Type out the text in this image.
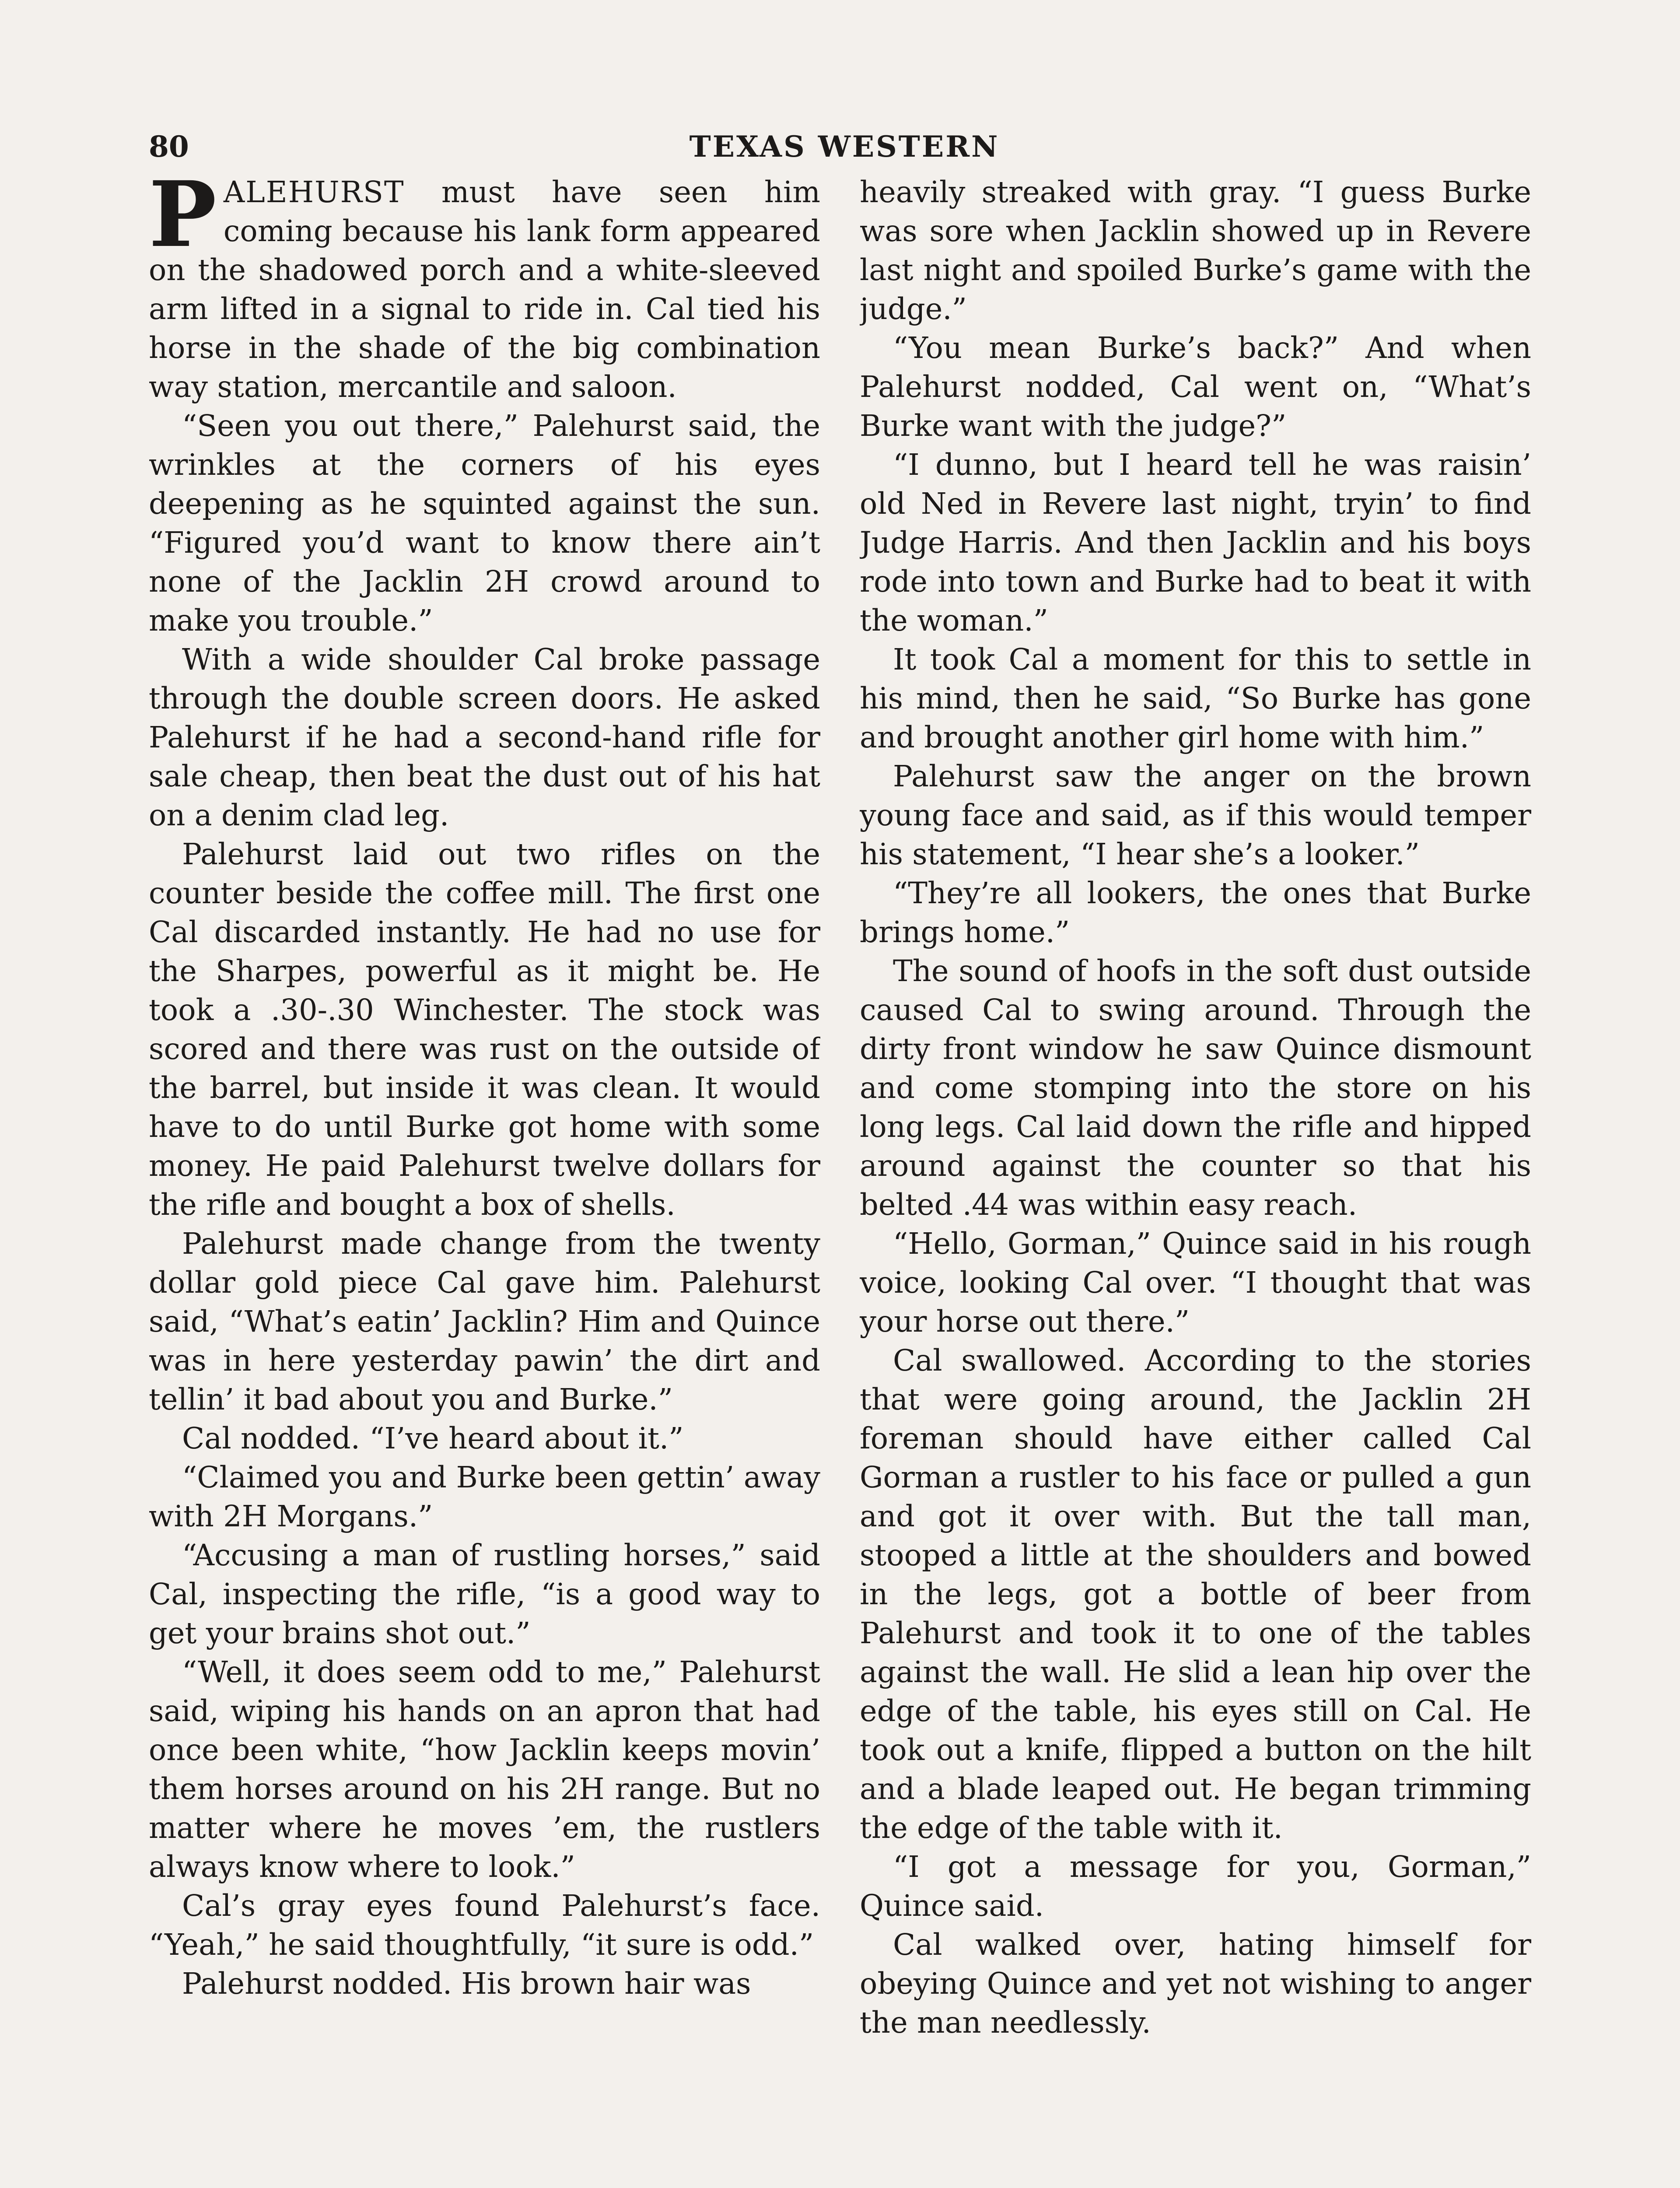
80	TEXAS WESTERN

PALEHURST must have seen him coming because his lank form appeared on the shadowed porch and a white-sleeved arm lifted in a signal to ride in. Cal tied his horse in the shade of the big combination way station, mercantile and saloon.

“Seen you out there,” Palehurst said, the wrinkles at the corners of his eyes deepening as he squinted against the sun. “Figured you’d want to know there ain’t none of the Jacklin 2H crowd around to make you trouble.”

With a wide shoulder Cal broke passage through the double screen doors. He asked Palehurst if he had a second-hand rifle for sale cheap, then beat the dust out of his hat on a denim clad leg.

Palehurst laid out two rifles on the counter beside the coffee mill. The first one Cal discarded instantly. He had no use for the Sharpes, powerful as it might be. He took a .30-.30 Winchester. The stock was scored and there was rust on the outside of the barrel, but inside it was clean. It would have to do until Burke got home with some money. He paid Palehurst twelve dollars for the rifle and bought a box of shells.

Palehurst made change from the twenty dollar gold piece Cal gave him. Palehurst said, “What’s eatin’ Jacklin? Him and Quince was in here yesterday pawin’ the dirt and tellin’ it bad about you and Burke.”

Cal nodded. “I’ve heard about it.”

“Claimed you and Burke been gettin’ away with 2H Morgans.”

“Accusing a man of rustling horses,” said Cal, inspecting the rifle, “is a good way to get your brains shot out.”

“Well, it does seem odd to me,” Palehurst said, wiping his hands on an apron that had once been white, “how Jacklin keeps movin’ them horses around on his 2H range. But no matter where he moves ’em, the rustlers always know where to look.”

Cal’s gray eyes found Palehurst’s face. “Yeah,” he said thoughtfully, “it sure is odd.”

Palehurst nodded. His brown hair was

heavily streaked with gray. “I guess Burke was sore when Jacklin showed up in Revere last night and spoiled Burke’s game with the judge.”

“You mean Burke’s back?” And when Palehurst nodded, Cal went on, “What’s Burke want with the judge?”

“I dunno, but I heard tell he was raisin’ old Ned in Revere last night, tryin’ to find Judge Harris. And then Jacklin and his boys rode into town and Burke had to beat it with the woman.”

It took Cal a moment for this to settle in his mind, then he said, “So Burke has gone and brought another girl home with him.”

Palehurst saw the anger on the brown young face and said, as if this would temper his statement, “I hear she’s a looker.”

“They’re all lookers, the ones that Burke brings home.”

The sound of hoofs in the soft dust outside caused Cal to swing around. Through the dirty front window he saw Quince dismount and come stomping into the store on his long legs. Cal laid down the rifle and hipped around against the counter so that his belted .44 was within easy reach.

“Hello, Gorman,” Quince said in his rough voice, looking Cal over. “I thought that was your horse out there.”

Cal swallowed. According to the stories that were going around, the Jacklin 2H foreman should have either called Cal Gorman a rustler to his face or pulled a gun and got it over with. But the tall man, stooped a little at the shoulders and bowed in the legs, got a bottle of beer from Palehurst and took it to one of the tables against the wall. He slid a lean hip over the edge of the table, his eyes still on Cal. He took out a knife, flipped a button on the hilt and a blade leaped out. He began trimming the edge of the table with it.

“I got a message for you, Gorman,” Quince said.

Cal walked over, hating himself for obeying Quince and yet not wishing to anger the man needlessly.
